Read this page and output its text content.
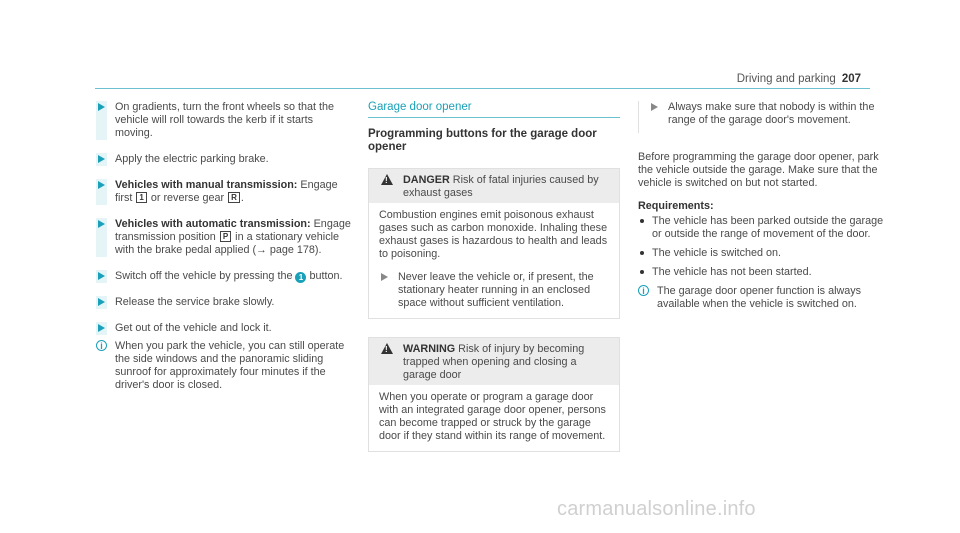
Driving and parking 207
On gradients, turn the front wheels so that the vehicle will roll towards the kerb if it starts moving.
Apply the electric parking brake.
Vehicles with manual transmission: Engage first 1 or reverse gear R .
Vehicles with automatic transmission: Engage transmission position P in a stationary vehicle with the brake pedal applied (→ page 178).
Switch off the vehicle by pressing the 1 button.
Release the service brake slowly.
Get out of the vehicle and lock it.
i	When you park the vehicle, you can still operate the side windows and the panoramic sliding sunroof for approximately four minutes if the driver's door is closed.
Garage door opener
Programming buttons for the garage door opener
! DANGER Risk of fatal injuries caused by exhaust gases
Combustion engines emit poisonous exhaust gases such as carbon monoxide. Inhaling these exhaust gases is hazardous to health and leads to poisoning.
Never leave the vehicle or, if present, the stationary heater running in an enclosed space without sufficient ventilation.
! WARNING Risk of injury by becoming trapped when opening and closing a garage door
When you operate or program a garage door with an integrated garage door opener, persons can become trapped or struck by the garage door if they stand within its range of movement.
Always make sure that nobody is within the range of the garage door's movement.
Before programming the garage door opener, park the vehicle outside the garage. Make sure that the vehicle is switched on but not started.
Requirements:
The vehicle has been parked outside the garage or outside the range of movement of the door.
The vehicle is switched on.
The vehicle has not been started.
i	The garage door opener function is always available when the vehicle is switched on.
carmanualsonline.info
